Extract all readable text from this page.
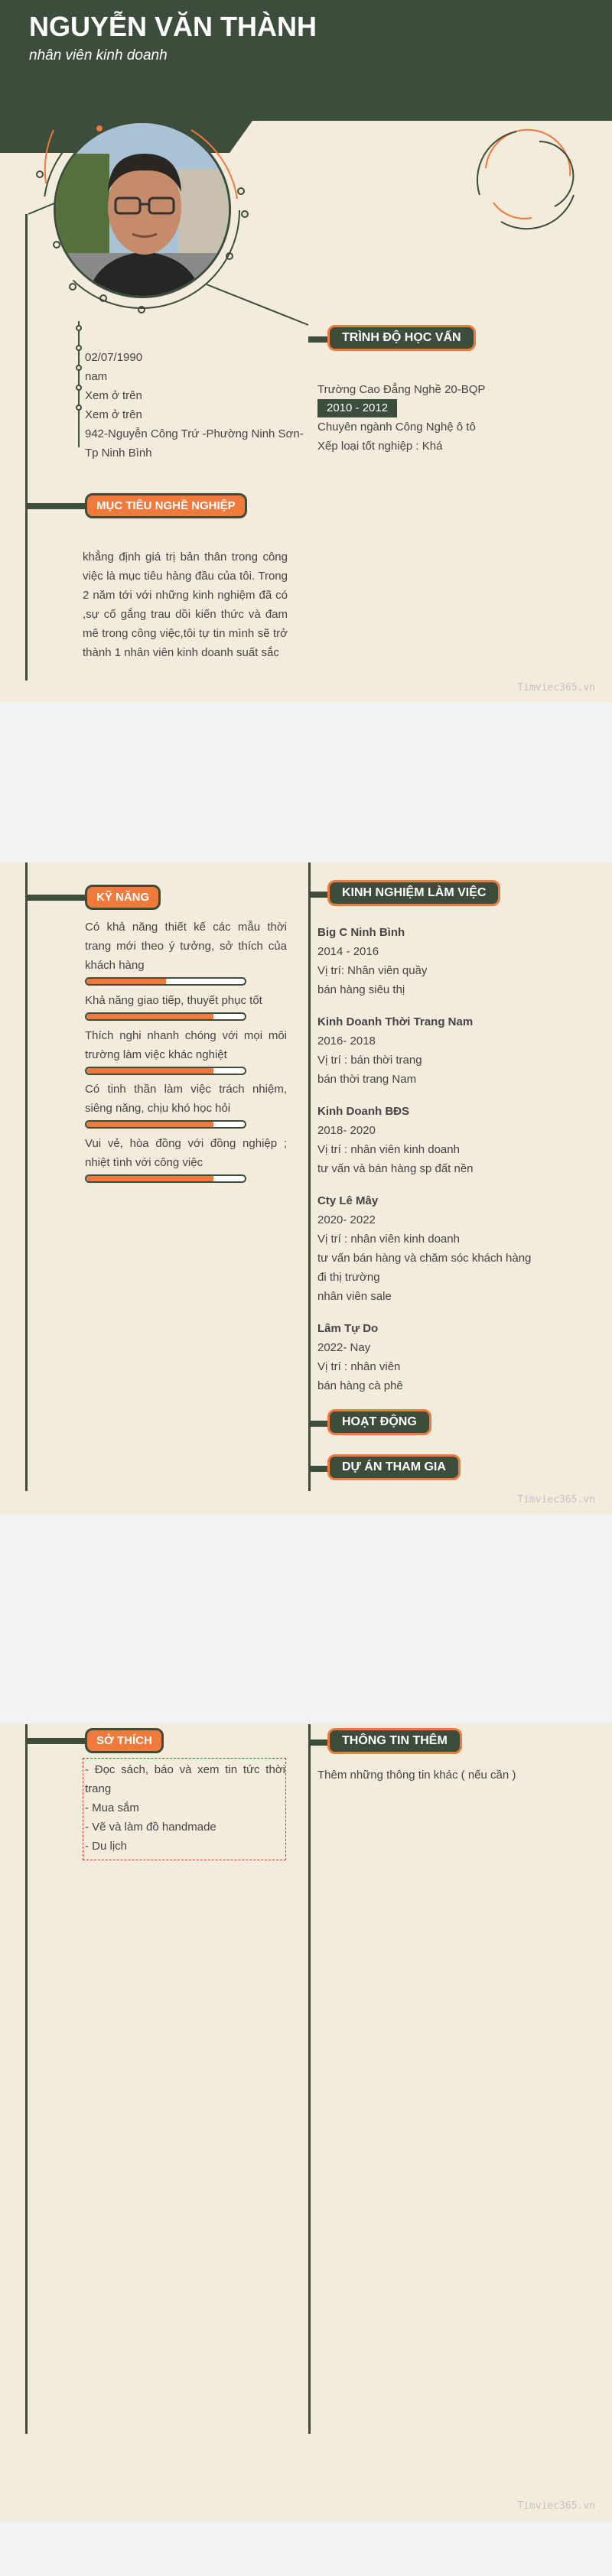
NGUYỄN VĂN THÀNH
nhân viên kinh doanh
02/07/1990
nam
Xem ở trên
Xem ở trên
942-Nguyễn Công Trứ -Phường Ninh Sơn-Tp Ninh Bình
MỤC TIÊU NGHỀ NGHIỆP
khẳng định giá trị bản thân trong công việc là mục tiêu hàng đầu của tôi. Trong 2 năm tới với những kinh nghiệm đã có ,sự cố gắng trau dồi kiến thức và đam mê trong công việc,tôi tự tin mình sẽ trở thành 1 nhân viên kinh doanh suất sắc
TRÌNH ĐỘ HỌC VẤN
Trường Cao Đẳng Nghề 20-BQP
2010 - 2012
Chuyên ngành Công Nghệ ô tô
Xếp loại tốt nghiệp : Khá
Timviec365.vn
KỸ NĂNG
Có khả năng thiết kế các mẫu thời trang mới theo ý tưởng, sở thích của khách hàng
Khả năng giao tiếp, thuyết phục tốt
Thích nghi nhanh chóng với mọi môi trường làm việc khác nghiệt
Có tinh thần làm việc trách nhiệm, siêng năng, chịu khó học hỏi
Vui vẻ, hòa đồng với đồng nghiệp ; nhiệt tình với công việc
KINH NGHIỆM LÀM VIỆC
Big C Ninh Bình
2014 - 2016
Vị trí: Nhân viên quầy
bán hàng siêu thị
Kinh Doanh Thời Trang Nam
2016- 2018
Vị trí : bán thời trang
bán thời trang Nam
Kinh Doanh BĐS
2018- 2020
Vị trí : nhân viên kinh doanh
tư vấn và bán hàng sp đất nền
Cty Lê Mây
2020- 2022
Vị trí : nhân viên kinh doanh
tư vấn bán hàng và chăm sóc khách hàng
đi thị trường
nhân viên sale
Lâm Tự Do
2022- Nay
Vị trí : nhân viên
bán hàng cà phê
HOẠT ĐỘNG
DỰ ÁN THAM GIA
Timviec365.vn
SỞ THÍCH
- Đọc sách, báo và xem tin tức thời trang
- Mua sắm
- Vẽ và làm đồ handmade
- Du lịch
THÔNG TIN THÊM
Thêm những thông tin khác ( nếu cần )
Timviec365.vn
